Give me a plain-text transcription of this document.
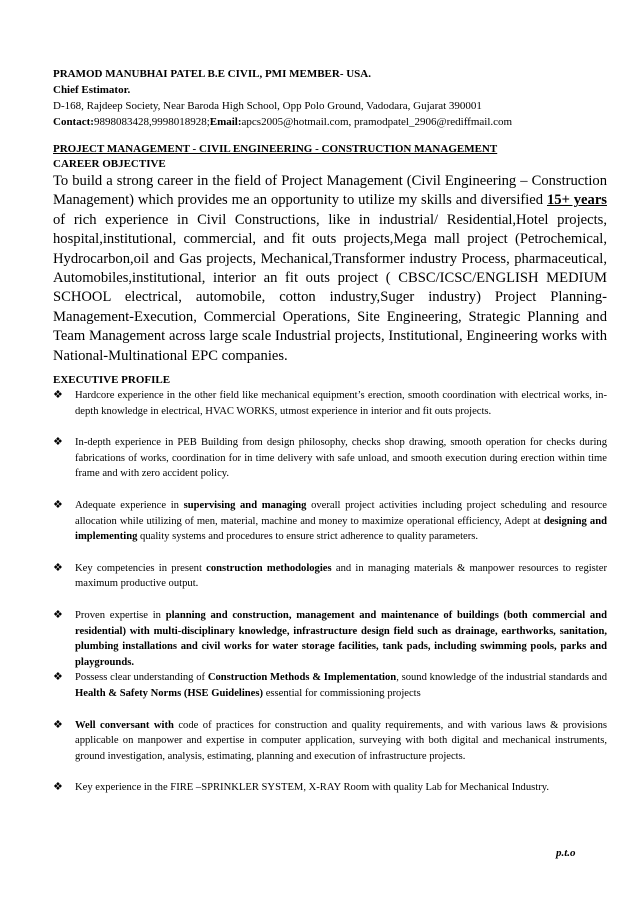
PRAMOD MANUBHAI PATEL B.E CIVIL, PMI MEMBER- USA.
Chief Estimator.
D-168, Rajdeep Society, Near Baroda High School, Opp Polo Ground, Vadodara, Gujarat 390001
Contact:9898083428,9998018928;Email:apcs2005@hotmail.com, pramodpatel_2906@rediffmail.com
PROJECT MANAGEMENT - CIVIL ENGINEERING - CONSTRUCTION MANAGEMENT
CAREER OBJECTIVE

To build a strong career in the field of Project Management (Civil Engineering – Construction Management) which provides me an opportunity to utilize my skills and diversified 15+ years of rich experience in Civil Constructions, like in industrial/ Residential,Hotel projects, hospital,institutional, commercial, and fit outs projects,Mega mall project (Petrochemical, Hydrocarbon,oil and Gas projects, Mechanical,Transformer industry Process, pharmaceutical, Automobiles,institutional, interior an fit outs project ( CBSC/ICSC/ENGLISH MEDIUM SCHOOL electrical, automobile, cotton industry,Suger industry) Project Planning-Management-Execution, Commercial Operations, Site Engineering, Strategic Planning and Team Management across large scale Industrial projects, Institutional, Engineering works with National-Multinational EPC companies.

EXECUTIVE PROFILE
❖	Hardcore experience in the other field like mechanical equipment’s erection, smooth coordination with electrical works, in-depth knowledge in electrical, HVAC WORKS, utmost experience in interior and fit outs projects.
❖	In-depth experience in PEB Building from design philosophy, checks shop drawing, smooth operation for checks during fabrications of works, coordination for in time delivery with safe unload, and smooth execution during erection within time frame and with zero accident policy.
❖	Adequate experience in supervising and managing overall project activities including project scheduling and resource allocation while utilizing of men, material, machine and money to maximize operational efficiency, Adept at designing and implementing quality systems and procedures to ensure strict adherence to quality parameters.
❖	Key competencies in present construction methodologies and in managing materials & manpower resources to register maximum productive output.
❖	Proven expertise in planning and construction, management and maintenance of buildings (both commercial and residential) with multi-disciplinary knowledge, infrastructure design field such as drainage, earthworks, sanitation, plumbing installations and civil works for water storage facilities, tank pads, including swimming pools, parks and playgrounds.
❖	Possess clear understanding of Construction Methods & Implementation, sound knowledge of the industrial standards and Health & Safety Norms (HSE Guidelines) essential for commissioning projects
❖	Well conversant with code of practices for construction and quality requirements, and with various laws & provisions applicable on manpower and expertise in computer application, surveying with both digital and mechanical instruments, ground investigation, analysis, estimating, planning and execution of infrastructure projects.
❖	Key experience in the FIRE –SPRINKLER SYSTEM, X-RAY Room with quality Lab for Mechanical Industry.
p.t.o
